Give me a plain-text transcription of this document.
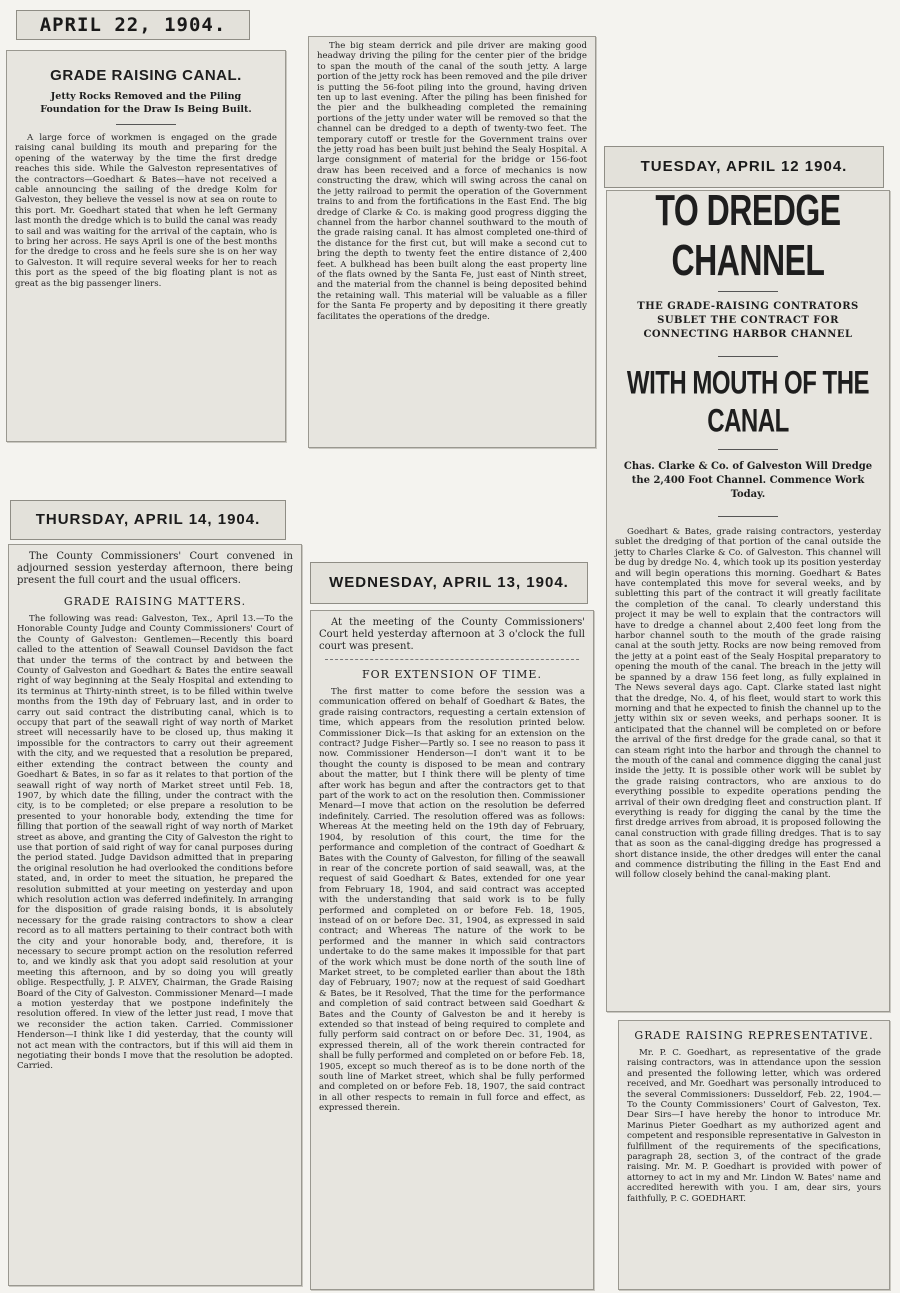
APRIL 22, 1904.
GRADE RAISING CANAL.
Jetty Rocks Removed and the Piling Foundation for the Draw Is Being Built.

A large force of workmen is engaged on the grade raising canal building its mouth and preparing for the opening of the waterway by the time the first dredge reaches this side. While the Galveston representatives of the contractors—Goedhart & Bates—have not received a cable announcing the sailing of the dredge Kolm for Galveston, they believe the vessel is now at sea on route to this port. Mr. Goedhart stated that when he left Germany last month the dredge which is to build the canal was ready to sail and was waiting for the arrival of the captain, who is to bring her across. He says April is one of the best months for the dredge to cross and he feels sure she is on her way to Galveston. It will require several weeks for her to reach this port as the speed of the big floating plant is not as great as the big passenger liners.

The big steam derrick and pile driver are making good headway driving the piling for the center pier of the bridge to span the mouth of the canal of the south jetty. A large portion of the jetty rock has been removed and the pile driver is putting the 56-foot piling into the ground, having driven ten up to last evening. After the piling has been finished for the pier and the bulkheading completed the remaining portions of the jetty under water will be removed so that the channel can be dredged to a depth of twenty-two feet. The temporary cutoff or trestle for the Government trains over the jetty road has been built just behind the Sealy Hospital. A large consignment of material for the bridge or 156-foot draw has been received and a force of mechanics is now constructing the draw, which will swing across the canal on the jetty railroad to permit the operation of the Government trains to and from the fortifications in the East End. The big dredge of Clarke & Co. is making good progress digging the channel from the harbor channel southward to the mouth of the grade raising canal. It has almost completed one-third of the distance for the first cut, but will make a second cut to bring the depth to twenty feet the entire distance of 2,400 feet. A bulkhead has been built along the east property line of the flats owned by the Santa Fe, just east of Ninth street, and the material from the channel is being deposited behind the retaining wall. This material will be valuable as a filler for the Santa Fe property and by depositing it there greatly facilitates the operations of the dredge.

TUESDAY, APRIL 12 1904.
TO DREDGE CHANNEL
THE GRADE-RAISING CONTRATORS SUBLET THE CONTRACT FOR CONNECTING HARBOR CHANNEL
WITH MOUTH OF THE CANAL
Chas. Clarke & Co. of Galveston Will Dredge the 2,400 Foot Channel. Commence Work Today.

Goedhart & Bates, grade raising contractors, yesterday sublet the dredging of that portion of the canal outside the jetty to Charles Clarke & Co. of Galveston. This channel will be dug by dredge No. 4, which took up its position yesterday and will begin operations this morning. Goedhart & Bates have contemplated this move for several weeks, and by subletting this part of the contract it will greatly facilitate the completion of the canal. To clearly understand this project it may be well to explain that the contractors will have to dredge a channel about 2,400 feet long from the harbor channel south to the mouth of the grade raising canal at the south jetty. Rocks are now being removed from the jetty at a point east of the Sealy Hospital preparatory to opening the mouth of the canal. The breach in the jetty will be spanned by a draw 156 feet long, as fully explained in The News several days ago. Capt. Clarke stated last night that the dredge, No. 4, of his fleet, would start to work this morning and that he expected to finish the channel up to the jetty within six or seven weeks, and perhaps sooner. It is anticipated that the channel will be completed on or before the arrival of the first dredge for the grade canal, so that it can steam right into the harbor and through the channel to the mouth of the canal and commence digging the canal just inside the jetty. It is possible other work will be sublet by the grade raising contractors, who are anxious to do everything possible to expedite operations pending the arrival of their own dredging fleet and construction plant. If everything is ready for digging the canal by the time the first dredge arrives from abroad, it is proposed following the canal construction with grade filling dredges. That is to say that as soon as the canal-digging dredge has progressed a short distance inside, the other dredges will enter the canal and commence distributing the filling in the East End and will follow closely behind the canal-making plant.

GRADE RAISING REPRESENTATIVE.

Mr. P. C. Goedhart, as representative of the grade raising contractors, was in attendance upon the session and presented the following letter, which was ordered received, and Mr. Goedhart was personally introduced to the several Commissioners: Dusseldorf, Feb. 22, 1904.—To the County Commissioners' Court of Galveston, Tex. Dear Sirs—I have hereby the honor to introduce Mr. Marinus Pieter Goedhart as my authorized agent and competent and responsible representative in Galveston in fulfillment of the requirements of the specifications, paragraph 28, section 3, of the contract of the grade raising. Mr. M. P. Goedhart is provided with power of attorney to act in my and Mr. Lindon W. Bates' name and accredited herewith with you. I am, dear sirs, yours faithfully, P. C. GOEDHART.

THURSDAY, APRIL 14, 1904.

The County Commissioners' Court convened in adjourned session yesterday afternoon, there being present the full court and the usual officers.

GRADE RAISING MATTERS.

The following was read: Galveston, Tex., April 13.—To the Honorable County Judge and County Commissioners' Court of the County of Galveston: Gentlemen—Recently this board called to the attention of Seawall Counsel Davidson the fact that under the terms of the contract by and between the County of Galveston and Goedhart & Bates the entire seawall right of way beginning at the Sealy Hospital and extending to its terminus at Thirty-ninth street, is to be filled within twelve months from the 19th day of February last, and in order to carry out said contract the distributing canal, which is to occupy that part of the seawall right of way north of Market street will necessarily have to be closed up, thus making it impossible for the contractors to carry out their agreement with the city, and we requested that a resolution be prepared, either extending the contract between the county and Goedhart & Bates, in so far as it relates to that portion of the seawall right of way north of Market street until Feb. 18, 1907, by which date the filling, under the contract with the city, is to be completed; or else prepare a resolution to be presented to your honorable body, extending the time for filling that portion of the seawall right of way north of Market street as above, and granting the City of Galveston the right to use that portion of said right of way for canal purposes during the period stated. Judge Davidson admitted that in preparing the original resolution he had overlooked the conditions before stated, and, in order to meet the situation, he prepared the resolution submitted at your meeting on yesterday and upon which resolution action was deferred indefinitely. In arranging for the disposition of grade raising bonds, it is absolutely necessary for the grade raising contractors to show a clear record as to all matters pertaining to their contract both with the city and your honorable body, and, therefore, it is necessary to secure prompt action on the resolution referred to, and we kindly ask that you adopt said resolution at your meeting this afternoon, and by so doing you will greatly oblige. Respectfully, J. P. ALVEY, Chairman, the Grade Raising Board of the City of Galveston. Commissioner Menard—I made a motion yesterday that we postpone indefinitely the resolution offered. In view of the letter just read, I move that we reconsider the action taken. Carried. Commissioner Henderson—I think like I did yesterday, that the county will not act mean with the contractors, but if this will aid them in negotiating their bonds I move that the resolution be adopted. Carried.

WEDNESDAY, APRIL 13, 1904.

At the meeting of the County Commissioners' Court held yesterday afternoon at 3 o'clock the full court was present.

FOR EXTENSION OF TIME.

The first matter to come before the session was a communication offered on behalf of Goedhart & Bates, the grade raising contractors, requesting a certain extension of time, which appears from the resolution printed below. Commissioner Dick—Is that asking for an extension on the contract? Judge Fisher—Partly so. I see no reason to pass it now. Commissioner Henderson—I don't want it to be thought the county is disposed to be mean and contrary about the matter, but I think there will be plenty of time after work has begun and after the contractors get to that part of the work to act on the resolution then. Commissioner Menard—I move that action on the resolution be deferred indefinitely. Carried. The resolution offered was as follows: Whereas At the meeting held on the 19th day of February, 1904, by resolution of this court, the time for the performance and completion of the contract of Goedhart & Bates with the County of Galveston, for filling of the seawall in rear of the concrete portion of said seawall, was, at the request of said Goedhart & Bates, extended for one year from February 18, 1904, and said contract was accepted with the understanding that said work is to be fully performed and completed on or before Feb. 18, 1905, instead of on or before Dec. 31, 1904, as expressed in said contract; and Whereas The nature of the work to be performed and the manner in which said contractors undertake to do the same makes it impossible for that part of the work which must be done north of the south line of Market street, to be completed earlier than about the 18th day of February, 1907; now at the request of said Goedhart & Bates, be it Resolved, That the time for the performance and completion of said contract between said Goedhart & Bates and the County of Galveston be and it hereby is extended so that instead of being required to complete and fully perform said contract on or before Dec. 31, 1904, as expressed therein, all of the work therein contracted for shall be fully performed and completed on or before Feb. 18, 1905, except so much thereof as is to be done north of the south line of Market street, which shal be fully performed and completed on or before Feb. 18, 1907, the said contract in all other respects to remain in full force and effect, as expressed therein.
